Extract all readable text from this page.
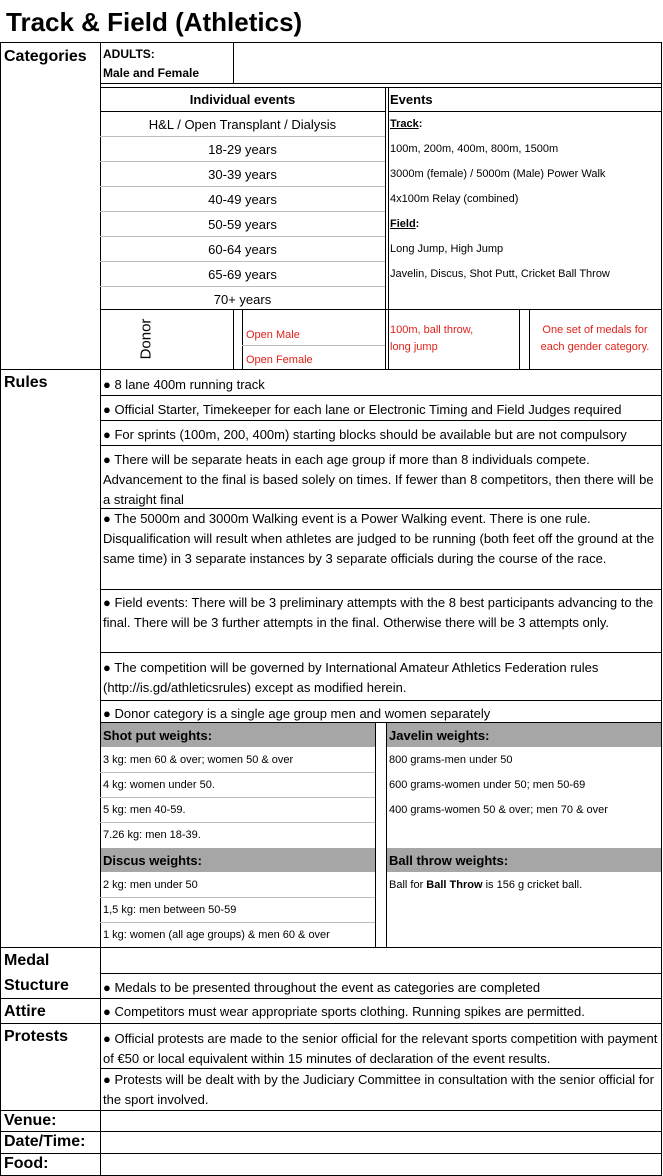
Track & Field (Athletics)
Categories
Rules
Medal
Stucture
Attire
Protests
Venue:
Date/Time:
Food:
ADULTS:
Male and Female
Individual events
H&L / Open Transplant / Dialysis
18-29 years
30-39 years
40-49 years
50-59 years
60-64 years
65-69 years
70+ years
Events
Track:
100m, 200m, 400m, 800m, 1500m
3000m (female) / 5000m (Male) Power Walk
4x100m Relay (combined)
Field:
Long Jump, High Jump
Javelin, Discus, Shot Putt, Cricket Ball Throw
Donor	Open Male
Open Female
100m, ball throw,
long jump
One set of medals for
each gender category.
● 8 lane 400m running track
● Official Starter, Timekeeper for each lane or Electronic Timing and Field Judges required
● For sprints (100m, 200, 400m) starting blocks should be available but are not compulsory
● There will be separate heats in each age group if more than 8 individuals compete. Advancement to the final is based solely on times. If fewer than 8 competitors, then there will be a straight final
● The 5000m and 3000m Walking event is a Power Walking event. There is one rule. Disqualification will result when athletes are judged to be running (both feet off the ground at the same time) in 3 separate instances by 3 separate officials during the course of the race.
● Field events: There will be 3 preliminary attempts with the 8 best participants advancing to the final. There will be 3 further attempts in the final. Otherwise there will be 3 attempts only.
● The competition will be governed by International Amateur Athletics Federation rules (http://is.gd/athleticsrules) except as modified herein.
● Donor category is a single age group men and women separately
Shot put weights:
3 kg: men 60 & over; women 50 & over
4 kg: women under 50.
5 kg: men 40-59.
7.26 kg: men 18-39.
Javelin weights:
800 grams-men under 50
600 grams-women under 50; men 50-69
400 grams-women 50 & over; men 70 & over
Discus weights:
2 kg: men under 50
1,5 kg: men between 50-59
1 kg: women (all age groups) & men 60 & over
Ball throw weights:
Ball for Ball Throw is 156 g cricket ball.
● Medals to be presented throughout the event as categories are completed
● Competitors must wear appropriate sports clothing. Running spikes are permitted.
● Official protests are made to the senior official for the relevant sports competition with payment of €50 or local equivalent within 15 minutes of declaration of the event results.
● Protests will be dealt with by the Judiciary Committee in consultation with the senior official for the sport involved.
